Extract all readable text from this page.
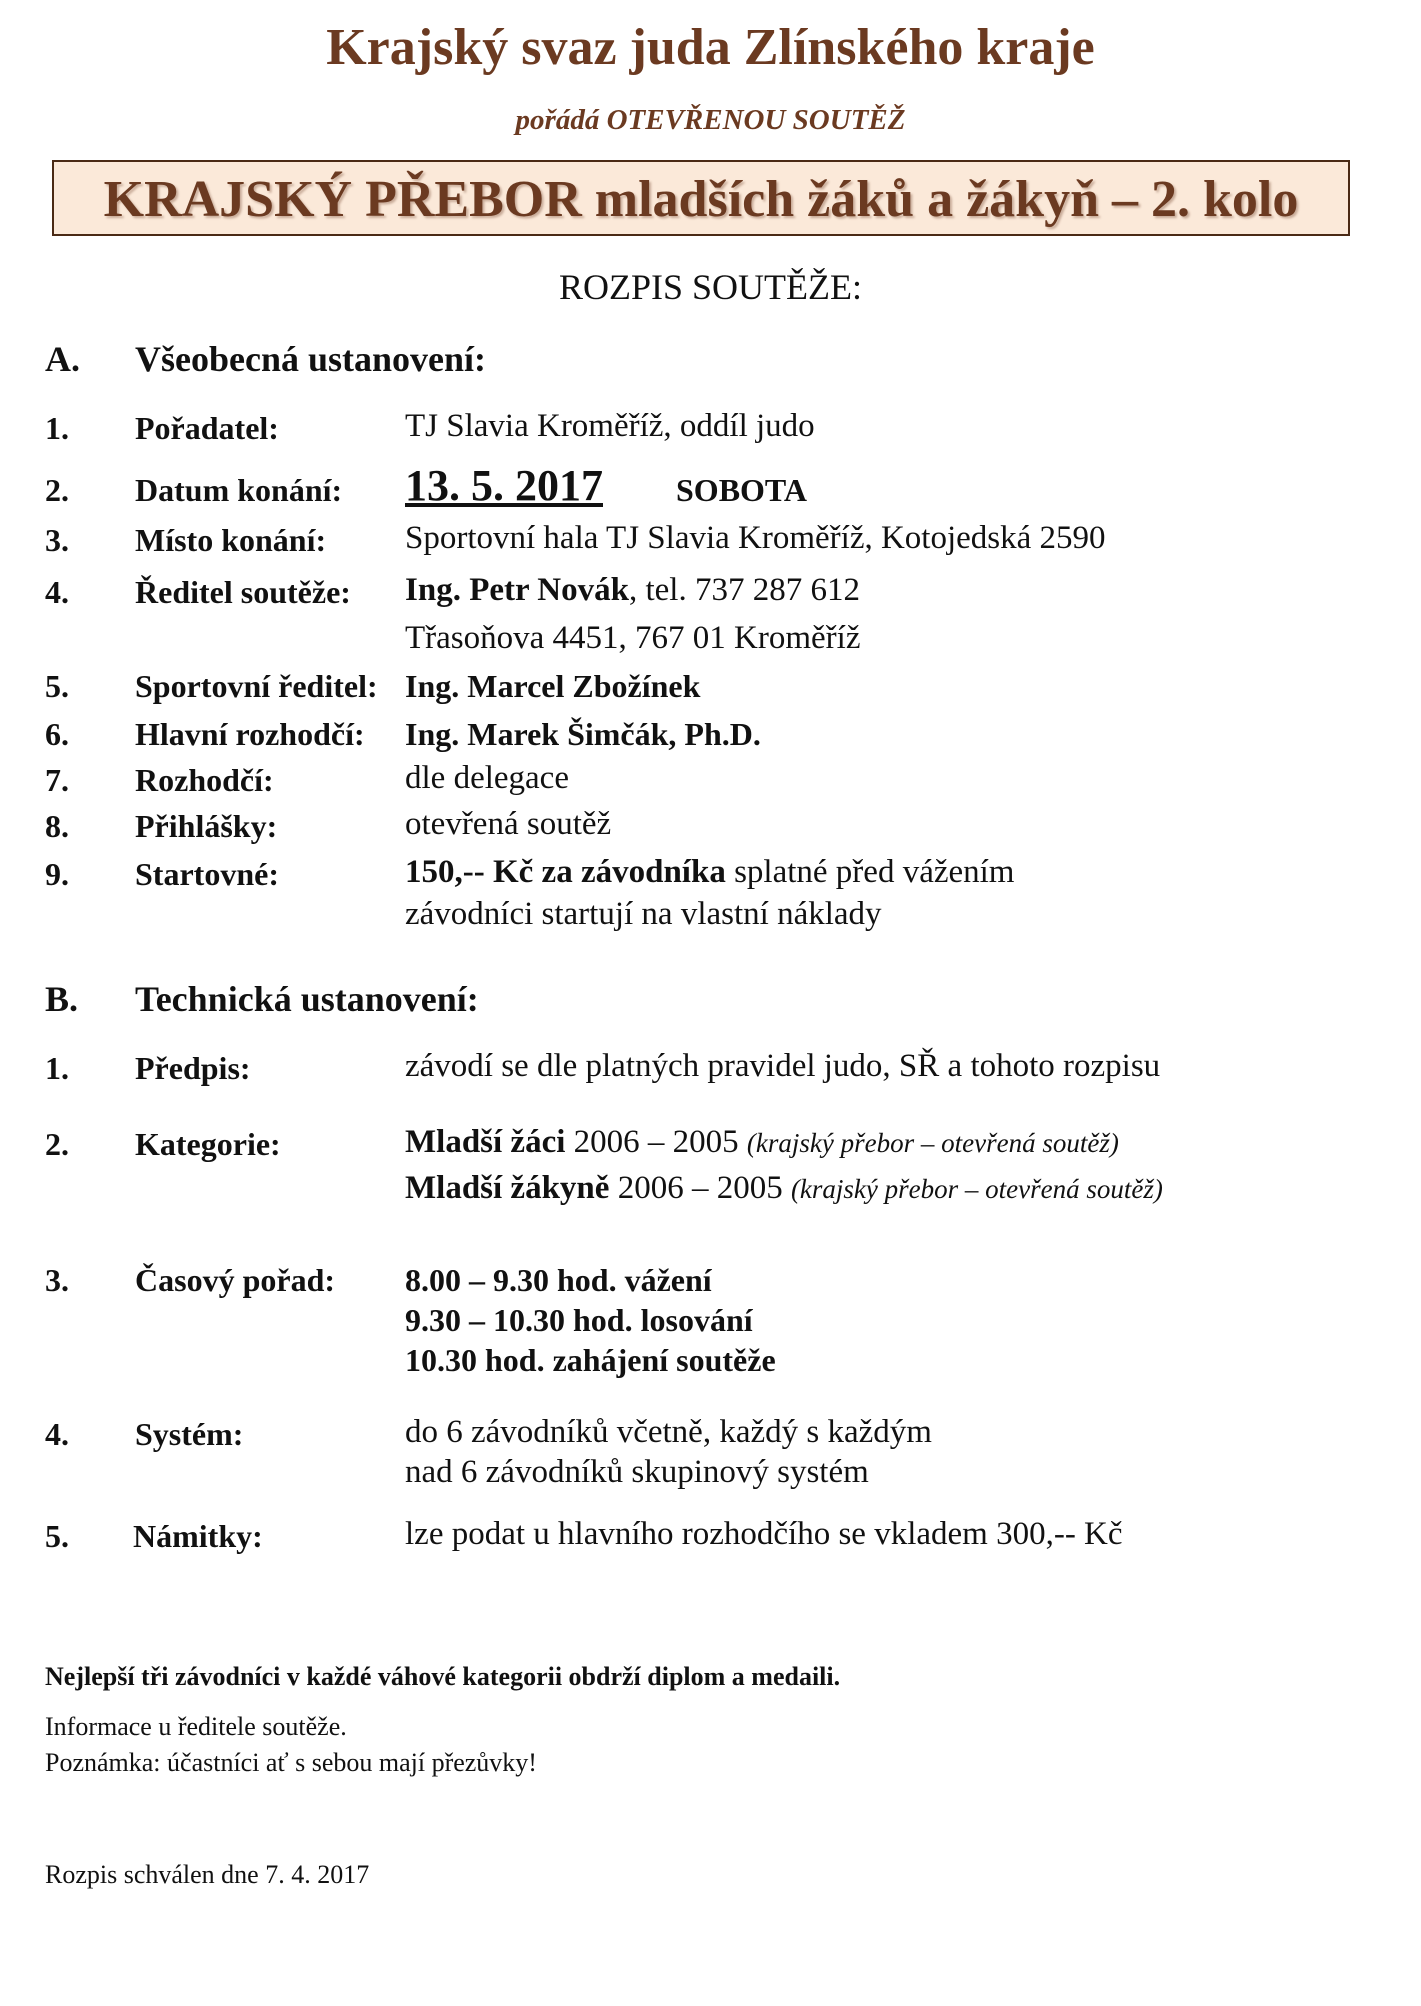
Krajský svaz juda Zlínského kraje
pořádá OTEVŘENOU SOUTĚŽ
KRAJSKÝ PŘEBOR mladších žáků a žákyň – 2. kolo
ROZPIS SOUTĚŽE:
A. Všeobecná ustanovení:
1. Pořadatel:	TJ Slavia Kroměříž, oddíl judo
2. Datum konání: 13. 5. 2017 SOBOTA
3. Místo konání: Sportovní hala TJ Slavia Kroměříž, Kotojedská 2590
4. Ředitel soutěže: Ing. Petr Novák, tel. 737 287 612
Třasoňova 4451, 767 01 Kroměříž
5. Sportovní ředitel: Ing. Marcel Zbožínek
6. Hlavní rozhodčí: Ing. Marek Šimčák, Ph.D.
7. Rozhodčí:	dle delegace
8. Přihlášky:	otevřená soutěž
9. Startovné:	150,-- Kč za závodníka splatné před vážením
závodníci startují na vlastní náklady
B. Technická ustanovení:
1. Předpis:	závodí se dle platných pravidel judo, SŘ a tohoto rozpisu
2. Kategorie:	Mladší žáci 2006 – 2005 (krajský přebor – otevřená soutěž)
Mladší žákyně 2006 – 2005 (krajský přebor – otevřená soutěž)
3. Časový pořad: 8.00 – 9.30 hod. vážení
9.30 – 10.30 hod. losování
10.30 hod. zahájení soutěže
4. Systém:	do 6 závodníků včetně, každý s každým
nad 6 závodníků skupinový systém
5. Námitky:	lze podat u hlavního rozhodčího se vkladem 300,-- Kč
Nejlepší tři závodníci v každé váhové kategorii obdrží diplom a medaili.
Informace u ředitele soutěže.
Poznámka: účastníci ať s sebou mají přezůvky!
Rozpis schválen dne 7. 4. 2017
